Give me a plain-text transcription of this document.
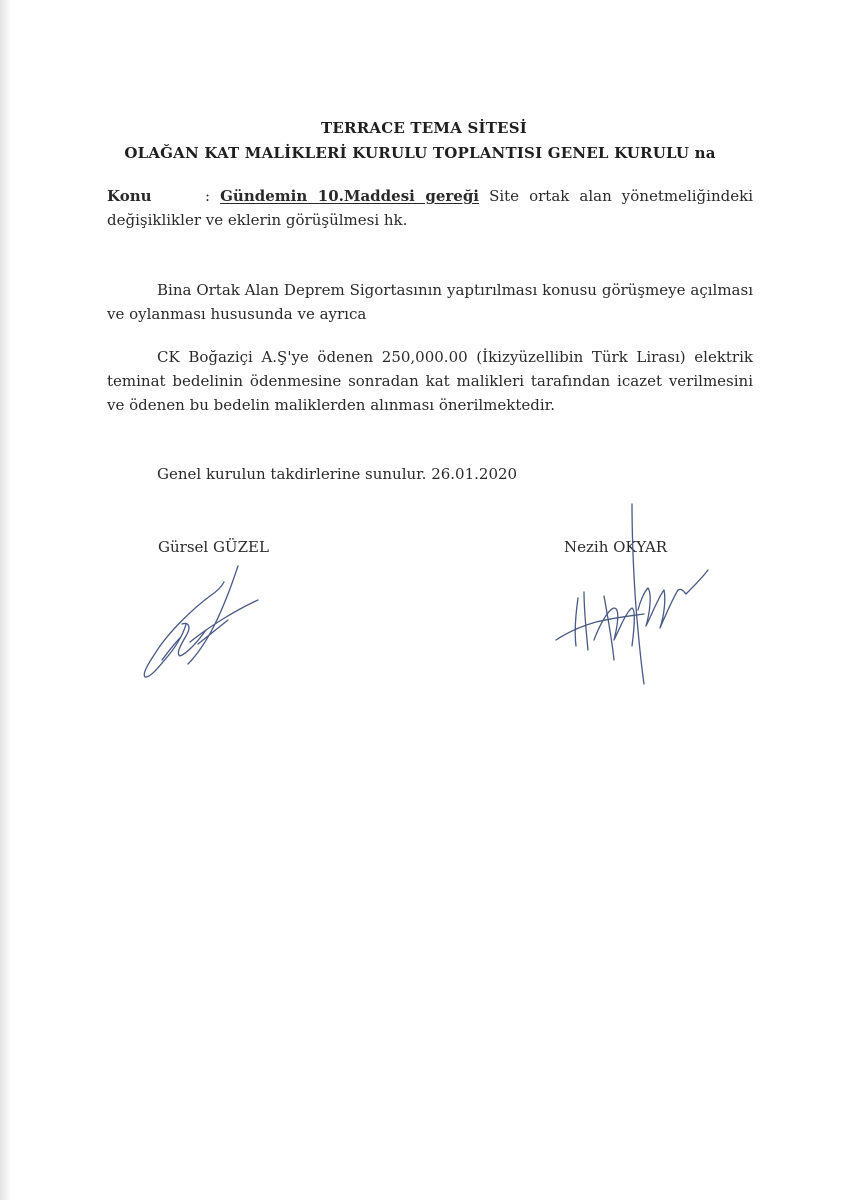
TERRACE TEMA SİTESİ
OLAĞAN KAT MALİKLERİ KURULU TOPLANTISI GENEL KURULU na
Konu	: Gündemin 10.Maddesi gereği Site ortak alan yönetmeliğindeki değişiklikler ve eklerin görüşülmesi hk.
Bina Ortak Alan Deprem Sigortasının yaptırılması konusu görüşmeye açılması ve oylanması hususunda ve ayrıca
CK Boğaziçi A.Ş'ye ödenen 250,000.00 (İkizyüzellibin Türk Lirası) elektrik teminat bedelinin ödenmesine sonradan kat malikleri tarafından icazet verilmesini ve ödenen bu bedelin maliklerden alınması önerilmektedir.
Genel kurulun takdirlerine sunulur. 26.01.2020
Gürsel GÜZEL	Nezih OKYAR
